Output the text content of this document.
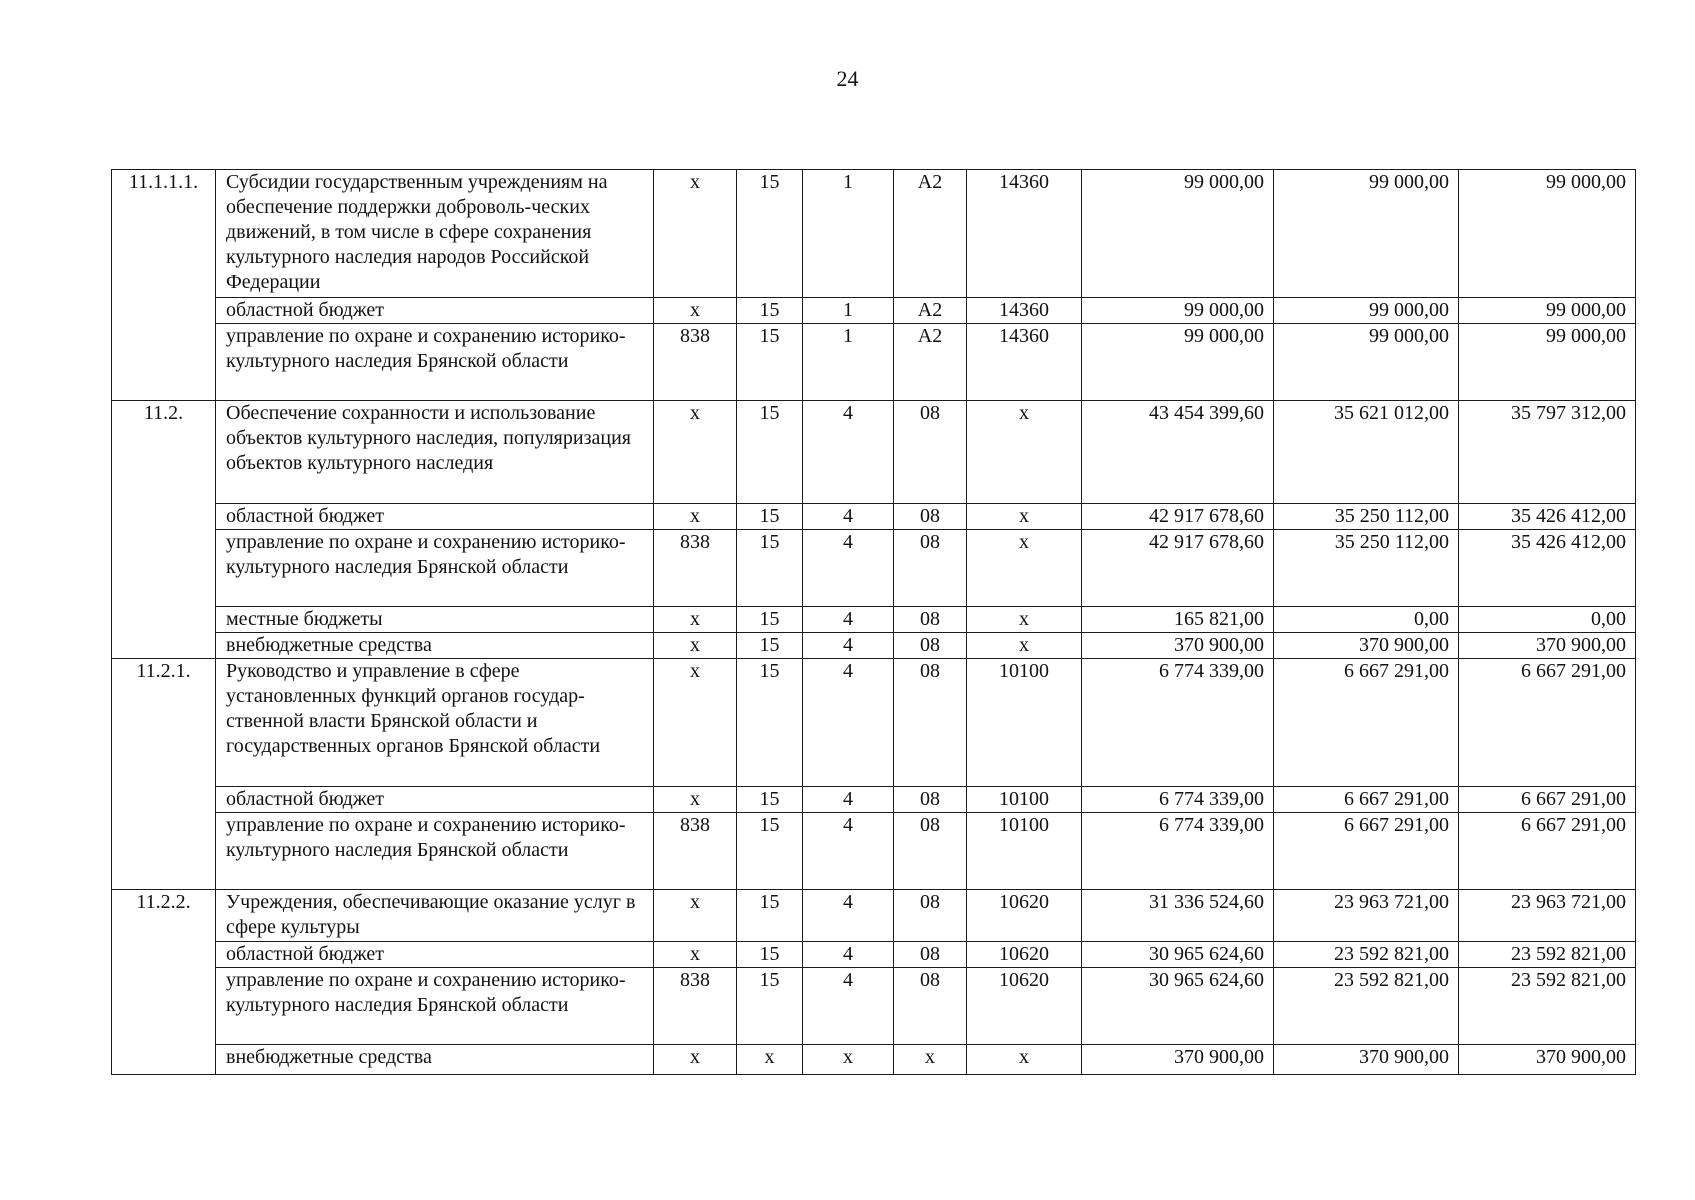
24
11.1.1.1.	Субсидии государственным учреждениям на обеспечение поддержки доброволь-ческих движений, в том числе в сфере сохранения культурного наследия народов Российской Федерации	х	15	1	А2	14360	99 000,00	99 000,00	99 000,00
	областной бюджет	х	15	1	А2	14360	99 000,00	99 000,00	99 000,00
	управление по охране и сохранению историко-культурного наследия Брянской области	838	15	1	А2	14360	99 000,00	99 000,00	99 000,00
11.2.	Обеспечение сохранности и использование объектов культурного наследия, популяризация объектов культурного наследия	х	15	4	08	х	43 454 399,60	35 621 012,00	35 797 312,00
	областной бюджет	х	15	4	08	х	42 917 678,60	35 250 112,00	35 426 412,00
	управление по охране и сохранению историко-культурного наследия Брянской области	838	15	4	08	х	42 917 678,60	35 250 112,00	35 426 412,00
	местные бюджеты	х	15	4	08	х	165 821,00	0,00	0,00
	внебюджетные средства	х	15	4	08	х	370 900,00	370 900,00	370 900,00
11.2.1.	Руководство и управление в сфере установленных функций органов государ-ственной власти Брянской области и государственных органов Брянской области	х	15	4	08	10100	6 774 339,00	6 667 291,00	6 667 291,00
	областной бюджет	х	15	4	08	10100	6 774 339,00	6 667 291,00	6 667 291,00
	управление по охране и сохранению историко-культурного наследия Брянской области	838	15	4	08	10100	6 774 339,00	6 667 291,00	6 667 291,00
11.2.2.	Учреждения, обеспечивающие оказание услуг в сфере культуры	х	15	4	08	10620	31 336 524,60	23 963 721,00	23 963 721,00
	областной бюджет	х	15	4	08	10620	30 965 624,60	23 592 821,00	23 592 821,00
	управление по охране и сохранению историко-культурного наследия Брянской области	838	15	4	08	10620	30 965 624,60	23 592 821,00	23 592 821,00
	внебюджетные средства	х	х	х	х	х	370 900,00	370 900,00	370 900,00
